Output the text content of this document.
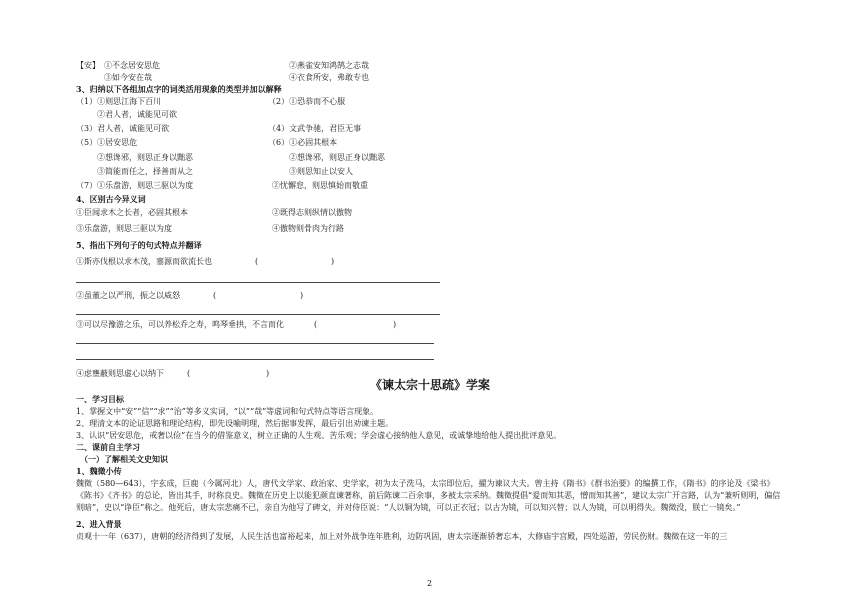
【安】 ①不念居安思危	②燕雀安知鸿鹄之志哉
③如今安在哉	④衣食所安，弗敢专也
3、归纳以下各组加点字的词类活用现象的类型并加以解释
（1）①则思江海下百川	（2）①恐恭而不心服
②君人者，诚能见可欲
（3）君人者，诚能见可欲	（4）文武争驰，君臣无事
（5）①居安思危	（6）①必固其根本
②想谗邪，则思正身以黜恶	②想谗邪，则思正身以黜恶
③简能而任之，择善而从之	③则思知止以安人
（7）①乐盘游，则思三驱以为度	②忧懈怠，则思慎始而敬重
4、区别古今异义词
①臣闻求木之长者，必固其根本	②既得志则纵情以傲物
③乐盘游，则思三驱以为度	④傲物则骨肉为行路
5、指出下列句子的句式特点并翻译
①斯亦伐根以求木茂，塞源而欲流长也	(	)
②虽董之以严刑，振之以威怒	(	)
③可以尽豫游之乐，可以养松乔之寿，鸣琴垂拱，不言而化	(	)
④虑壅蔽则思虚心以纳下	(	)
《谏太宗十思疏》学案
一、学习目标
1、掌握文中“安”“信”“求”“治”等多义实词，“以”“哉”等虚词和句式特点等语言现象。
2、理清文本的论证思路和理论结构，即先设喻明理，然后据事发挥，最后引出劝谏主题。
3、认识“居安思危，戒奢以俭”在当今的借鉴意义，树立正确的人生观、苦乐观；学会虚心接纳他人意见，或诚挚地给他人提出批评意见。
二、课前自主学习
（一）了解相关文史知识
1、魏徵小传
魏徵（580—643），字玄成，巨鹿（今属河北）人，唐代文学家、政治家、史学家，初为太子洗马，太宗即位后，擢为谏议大夫。曾主持《隋书》《群书治要》的编撰工作，《隋书》的序论及《梁书》《陈书》《齐书》的总论，皆出其手，时称良史。魏徵在历史上以能犯颜直谏著称，前后陈谏二百余事，多被太宗采纳。魏徵提倡“爱而知其恶，憎而知其善”，建议太宗广开言路，认为“兼听则明，偏信则暗”，史以“诤臣”称之。他死后，唐太宗悲痛不已，亲自为他写了碑文，并对侍臣说：“人以铜为镜，可以正衣冠；以古为镜，可以知兴替；以人为镜，可以明得失。魏徵没，朕亡一镜矣。”
2、进入背景
贞观十一年（637），唐朝的经济得到了发展，人民生活也富裕起来，加上对外战争连年胜利，边防巩固，唐太宗逐渐骄奢忘本，大修庙宇宫殿，四处巡游，劳民伤财。魏徵在这一年的三
2
